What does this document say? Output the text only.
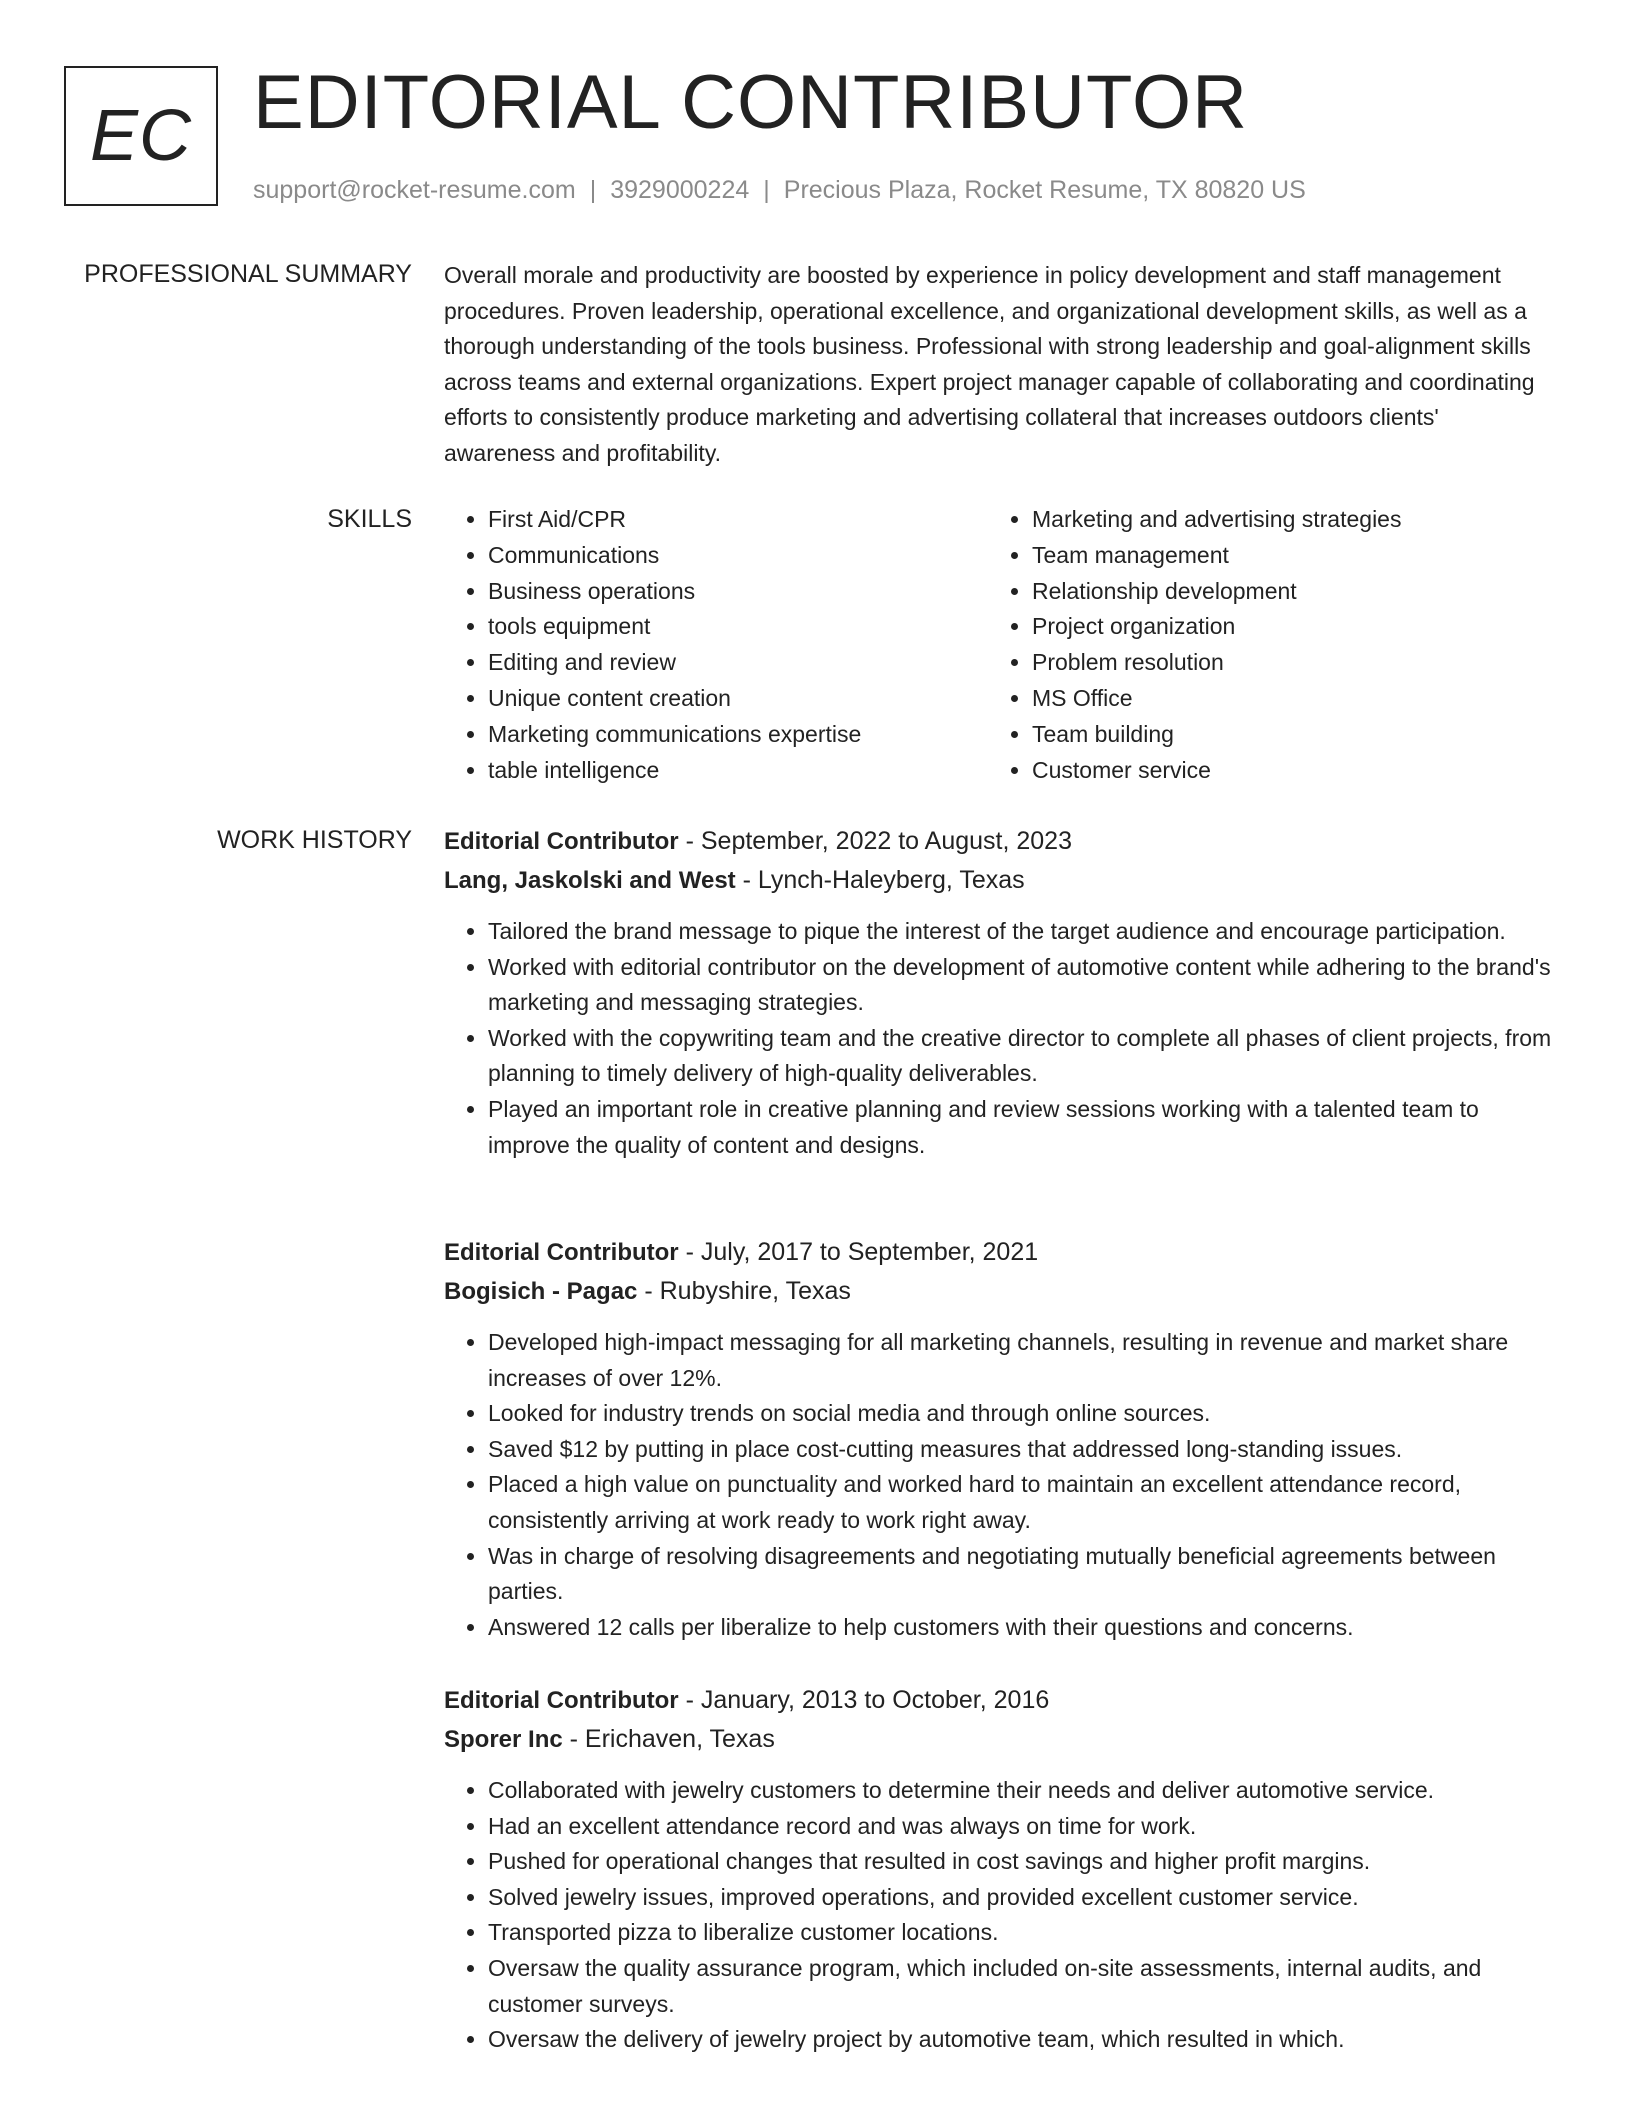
EC EDITORIAL CONTRIBUTOR
support@rocket-resume.com | 3929000224 | Precious Plaza, Rocket Resume, TX 80820 US
PROFESSIONAL SUMMARY Overall morale and productivity are boosted by experience in policy development and staff management procedures. Proven leadership, operational excellence, and organizational development skills, as well as a thorough understanding of the tools business. Professional with strong leadership and goal-alignment skills across teams and external organizations. Expert project manager capable of collaborating and coordinating efforts to consistently produce marketing and advertising collateral that increases outdoors clients' awareness and profitability.

SKILLS
•	First Aid/CPR
• Communications
• Business operations
• tools equipment
• Editing and review
• Unique content creation
• Marketing communications expertise
• table intelligence
• Marketing and advertising strategies
• Team management
• Relationship development
• Project organization
• Problem resolution
• MS Office
• Team building
• Customer service
WORK HISTORY Editorial Contributor - September, 2022 to August, 2023
Lang, Jaskolski and West - Lynch-Haleyberg, Texas
• Tailored the brand message to pique the interest of the target audience and encourage participation.
• Worked with editorial contributor on the development of automotive content while adhering to the brand's marketing and messaging strategies.
• Worked with the copywriting team and the creative director to complete all phases of client projects, from planning to timely delivery of high-quality deliverables.
• Played an important role in creative planning and review sessions working with a talented team to improve the quality of content and designs.
Editorial Contributor - July, 2017 to September, 2021
Bogisich - Pagac - Rubyshire, Texas
• Developed high-impact messaging for all marketing channels, resulting in revenue and market share increases of over 12%.
• Looked for industry trends on social media and through online sources.
• Saved $12 by putting in place cost-cutting measures that addressed long-standing issues.
• Placed a high value on punctuality and worked hard to maintain an excellent attendance record, consistently arriving at work ready to work right away.
• Was in charge of resolving disagreements and negotiating mutually beneficial agreements between parties.
• Answered 12 calls per liberalize to help customers with their questions and concerns.
Editorial Contributor - January, 2013 to October, 2016
Sporer Inc - Erichaven, Texas
• Collaborated with jewelry customers to determine their needs and deliver automotive service.
• Had an excellent attendance record and was always on time for work.
• Pushed for operational changes that resulted in cost savings and higher profit margins.
• Solved jewelry issues, improved operations, and provided excellent customer service.
• Transported pizza to liberalize customer locations.
• Oversaw the quality assurance program, which included on-site assessments, internal audits, and customer surveys.
• Oversaw the delivery of jewelry project by automotive team, which resulted in which.
